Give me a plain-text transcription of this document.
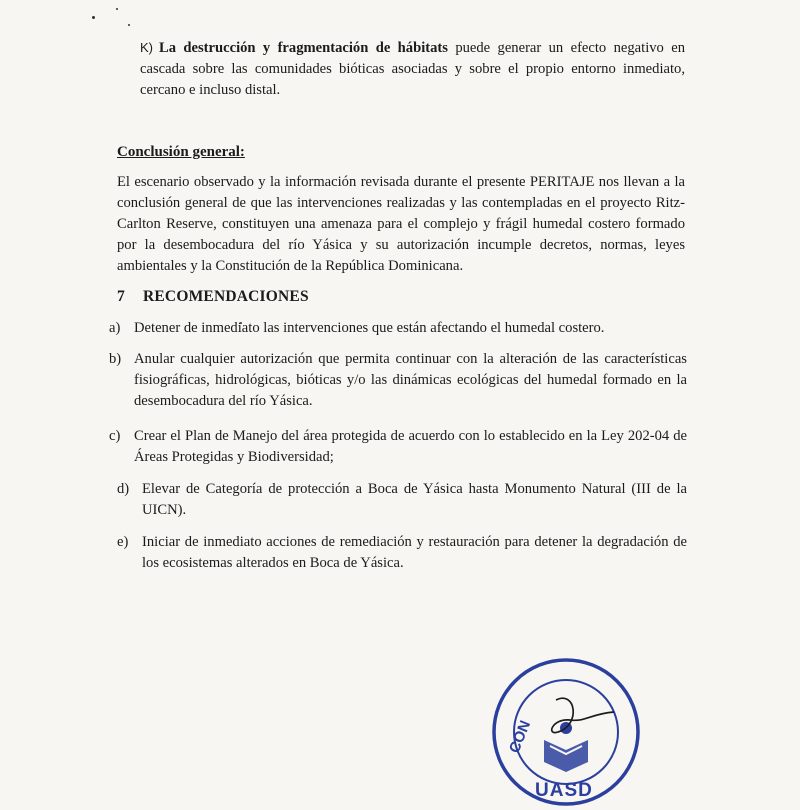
K) La destrucción y fragmentación de hábitats puede generar un efecto negativo en cascada sobre las comunidades bióticas asociadas y sobre el propio entorno inmediato, cercano e incluso distal.
Conclusión general:
El escenario observado y la información revisada durante el presente PERITAJE nos llevan a la conclusión general de que las intervenciones realizadas y las contempladas en el proyecto Ritz-Carlton Reserve, constituyen una amenaza para el complejo y frágil humedal costero formado por la desembocadura del río Yásica y su autorización incumple decretos, normas, leyes ambientales y la Constitución de la República Dominicana.
7 RECOMENDACIONES
a) Detener de inmediato las intervenciones que están afectando el humedal costero.
b) Anular cualquier autorización que permita continuar con la alteración de las características fisiográficas, hidrológicas, bióticas y/o las dinámicas ecológicas del humedal formado en la desembocadura del río Yásica.
c) Crear el Plan de Manejo del área protegida de acuerdo con lo establecido en la Ley 202-04 de Áreas Protegidas y Biodiversidad;
d) Elevar de Categoría de protección a Boca de Yásica hasta Monumento Natural (III de la UICN).
e) Iniciar de inmediato acciones de remediación y restauración para detener la degradación de los ecosistemas alterados en Boca de Yásica.
CON
UASD
